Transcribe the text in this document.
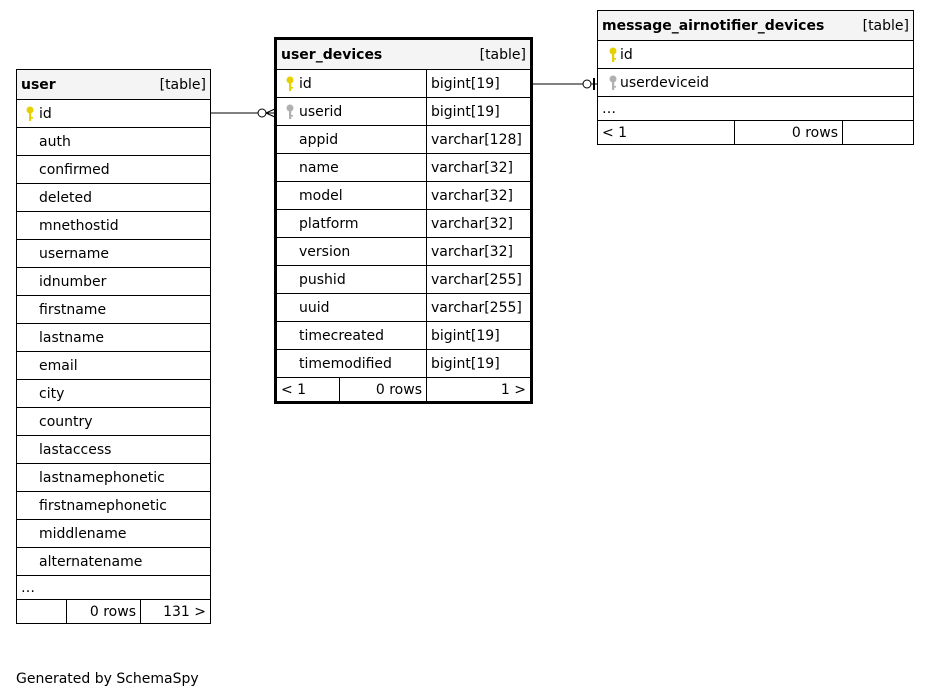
user	[table]

id
auth
confirmed
deleted
mnethostid
username
idnumber
firstname
lastname
email
city
country
lastaccess
lastnamephonetic
firstnamephonetic
middlename
alternatename
…
	0 rows	131 >
user_devices [table]		

id		bigint[19]

userid		bigint[19]
appid		varchar[128]
name		varchar[32]
model		varchar[32]
platform		varchar[32]
version		varchar[32]
pushid		varchar[255]
uuid		varchar[255]
timecreated		bigint[19]
timemodified		bigint[19]
< 1	0 rows	1 >
message_airnotifier_devices	[table]

id

userdeviceid
…
< 1	0 rows	
Generated by SchemaSpy
